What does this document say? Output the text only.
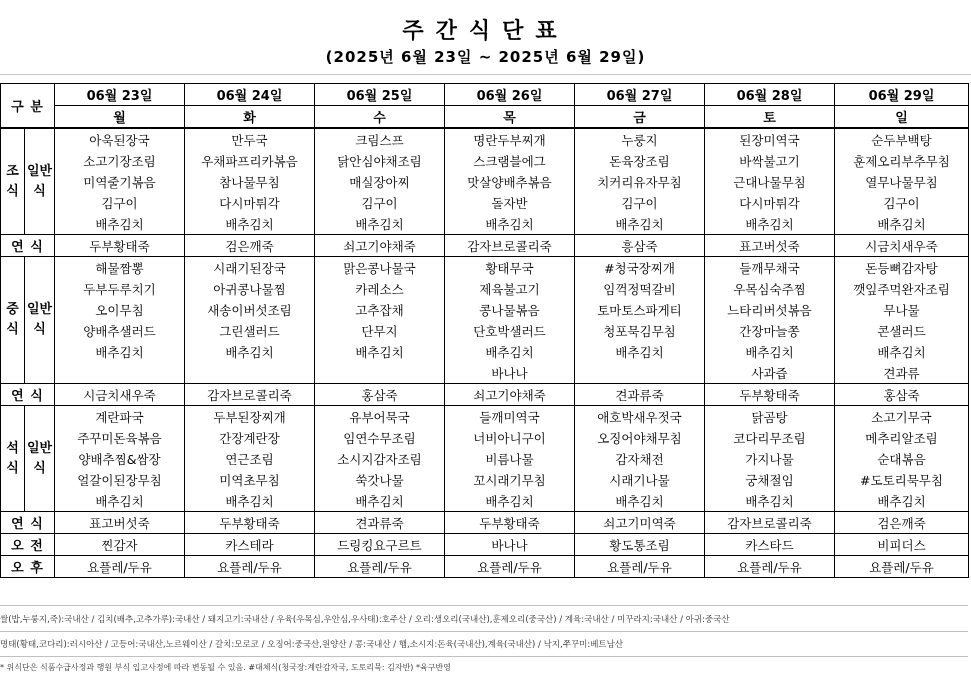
주간식단표
(2025년 6월 23일 ~ 2025년 6월 29일)
구 분		06월 23일	06월 24일	06월 25일	06월 26일	06월 27일	06월 28일	06월 29일
		월	화	수	목	금	토	일
조식	일반식	아욱된장국	만두국	크림스프	명란두부찌개	누룽지	된장미역국	순두부백탕
		소고기장조림	우채파프리카볶음	닭안심야채조림	스크램블에그	돈육장조림	바싹불고기	훈제오리부추무침
		미역줄기볶음	참나물무침	매실장아찌	맛살양배추볶음	치커리유자무침	근대나물무침	열무나물무침
		김구이	다시마튀각	김구이	돌자반	김구이	다시마튀각	김구이
		배추김치	배추김치	배추김치	배추김치	배추김치	배추김치	배추김치
연 식		두부황태죽	검은깨죽	쇠고기야채죽	감자브로콜리죽	흥삼죽	표고버섯죽	시금치새우죽
중식	일반식	해물짬뽕	시래기된장국	맑은콩나물국	황태무국	#청국장찌개	들깨무채국	돈등뼈감자탕
		두부두루치기	아귀콩나물찜	카레소스	제육불고기	임꺽정떡갈비	우목심숙주찜	깻잎주먹완자조림
		오이무침	새송이버섯조림	고추잡채	콩나물볶음	토마토스파게티	느타리버섯볶음	무나물
		양배추샐러드	그린샐러드	단무지	단호박샐러드	청포묵김무침	간장마늘쫑	콘샐러드
		배추김치	배추김치	배추김치	배추김치	배추김치	배추김치	배추김치
					바나나		사과즙	견과류
연 식		시금치새우죽	감자브로콜리죽	홍삼죽	쇠고기야채죽	견과류죽	두부황태죽	홍삼죽
석식	일반식	계란파국	두부된장찌개	유부어묵국	들깨미역국	애호박새우젓국	닭곰탕	소고기무국
		주꾸미돈육볶음	간장계란장	임연수무조림	너비아니구이	오징어야채무침	코다리무조림	메추리알조림
		양배추찜&쌈장	연근조림	소시지감자조림	비름나물	감자채전	가지나물	순대볶음
		얼갈이된장무침	미역초무침	쑥갓나물	꼬시래기무침	시래기나물	궁채절임	#도토리묵무침
		배추김치	배추김치	배추김치	배추김치	배추김치	배추김치	배추김치
연 식		표고버섯죽	두부황태죽	견과류죽	두부황태죽	쇠고기미역죽	감자브로콜리죽	검은깨죽
오 전		찐감자	카스테라	드링킹요구르트	바나나	황도통조림	카스타드	비피더스
오 후		요플레/두유	요플레/두유	요플레/두유	요플레/두유	요플레/두유	요플레/두유	요플레/두유
쌀(밥,누룽지,죽):국내산 / 김치(배추,고추가루):국내산 / 돼지고기:국내산 / 우육(우목심,우안심,우사태):호주산 / 오리:생오리(국내산),훈제오리(중국산) / 계육:국내산 / 미꾸라지:국내산 / 아귀:중국산
명태(황태,코다리):러시아산 / 고등어:국내산,노르웨이산 / 갈치:모로코 / 오징어:중국산,원양산 / 콩:국내산 / 햄,소시지:돈육(국내산),계육(국내산) / 낙지,쭈꾸미:베트남산
* 위식단은 식품수급사정과 행원 부식 입고사정에 따라 변동될 수 있음. #대체식(청국장:계란감자국, 도토리묵: 김자반) *육구반영
